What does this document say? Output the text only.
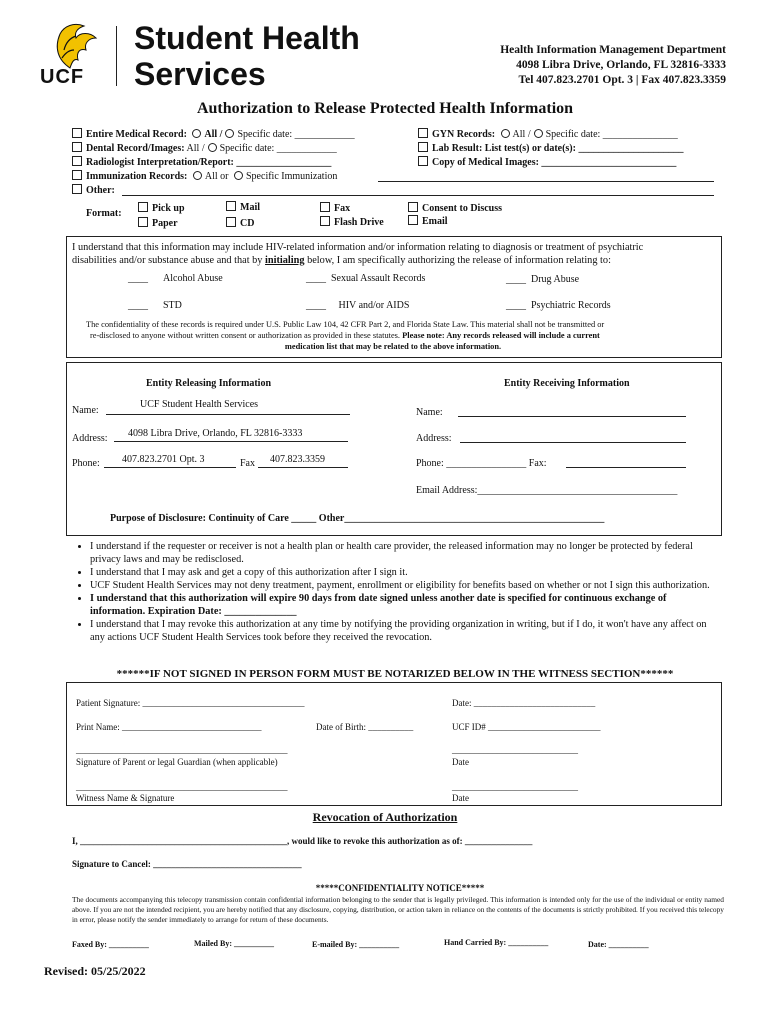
UCF
Student Health
Services
Health Information Management Department
4098 Libra Drive, Orlando, FL 32816-3333
Tel 407.823.2701 Opt. 3 | Fax 407.823.3359
Authorization to Release Protected Health Information
Entire Medical Record: All / Specific date: ____________
Dental Record/Images: All / Specific date: ____________
Radiologist Interpretation/Report: ___________________
Immunization Records: All or Specific Immunization
Other:
GYN Records: All / Specific date: _______________
Lab Result: List test(s) or date(s): _____________________
Copy of Medical Images: ___________________________
Format:	Pick up
Paper
Mail
CD
Fax
Flash Drive
Consent to Discuss
Email
I understand that this information may include HIV-related information and/or information relating to diagnosis or treatment of psychiatric
disabilities and/or substance abuse and that by initialing below, I am specifically authorizing the release of information relating to:
____ Alcohol Abuse	____ Sexual Assault Records	____ Drug Abuse
____ STD	____ HIV and/or AIDS	____ Psychiatric Records
The confidentiality of these records is required under U.S. Public Law 104, 42 CFR Part 2, and Florida State Law. This material shall not be transmitted or
re-disclosed to anyone without written consent or authorization as provided in these statutes. Please note: Any records released will include a current
medication list that may be related to the above information.
Entity Releasing Information	Entity Receiving Information
Name:
UCF Student Health Services
Address: 4098 Libra Drive, Orlando, FL 32816-3333
Phone: 407.823.2701 Opt. 3	Fax 407.823.3359
Name:
Address:
Phone: ________________ Fax:
Email Address:________________________________________
Purpose of Disclosure: Continuity of Care _____ Other____________________________________________________
• I understand if the requester or receiver is not a health plan or health care provider, the released information may no longer be protected by federal privacy laws and may be redisclosed.
• I understand that I may ask and get a copy of this authorization after I sign it.
• UCF Student Health Services may not deny treatment, payment, enrollment or eligibility for benefits based on whether or not I sign this authorization.
• I understand that this authorization will expire 90 days from date signed unless another date is specified for continuous exchange of information. Expiration Date: ______________
• I understand that I may revoke this authorization at any time by notifying the providing organization in writing, but if I do, it won't have any affect on any actions UCF Student Health Services took before they received the revocation.
******IF NOT SIGNED IN PERSON FORM MUST BE NOTARIZED BELOW IN THE WITNESS SECTION******
Patient Signature: ____________________________________	Date: ___________________________
Print Name: _______________________________	Date of Birth: __________	UCF ID# _________________________
_______________________________________________
Signature of Parent or legal Guardian (when applicable)
____________________________
Date
_______________________________________________
Witness Name & Signature
____________________________
Date
Revocation of Authorization
I, ______________________________________________, would like to revoke this authorization as of: _______________
Signature to Cancel: _________________________________
*****CONFIDENTIALITY NOTICE*****
The documents accompanying this telecopy transmission contain confidential information belonging to the sender that is legally privileged. This information is intended only for the use of the individual or entity named above. If you are not the intended recipient, you are hereby notified that any disclosure, copying, distribution, or action taken in reliance on the contents of the documents is strictly prohibited. If you received this telecopy in error, please notify the sender immediately to arrange for return of these documents.
Faxed By: __________	Mailed By: __________	E-mailed By: __________	Hand Carried By: __________	Date: __________
Revised: 05/25/2022
